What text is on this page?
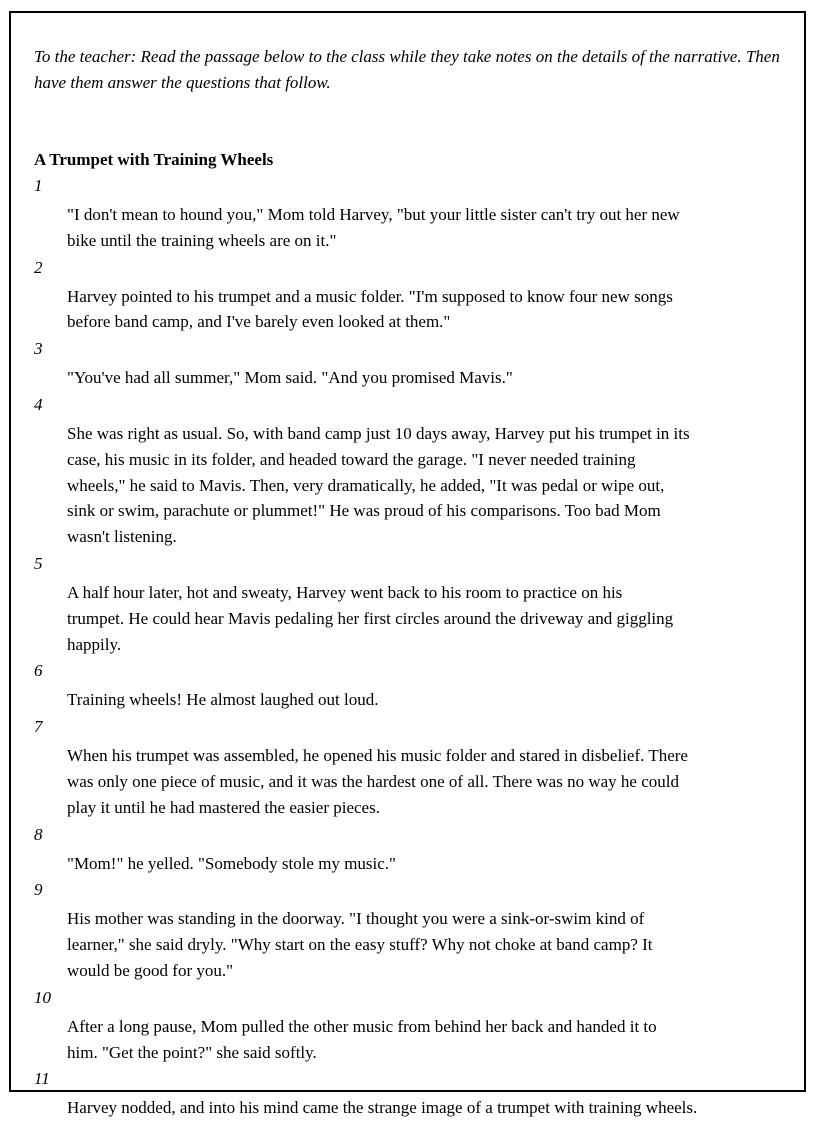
To the teacher: Read the passage below to the class while they take notes on the details of the narrative. Then have them answer the questions that follow.

A Trumpet with Training Wheels

1
"I don't mean to hound you," Mom told Harvey, "but your little sister can't try out her new
bike until the training wheels are on it."
2
Harvey pointed to his trumpet and a music folder. "I'm supposed to know four new songs
before band camp, and I've barely even looked at them."
3
"You've had all summer," Mom said. "And you promised Mavis."
4
She was right as usual. So, with band camp just 10 days away, Harvey put his trumpet in its
case, his music in its folder, and headed toward the garage. "I never needed training
wheels," he said to Mavis. Then, very dramatically, he added, "It was pedal or wipe out,
sink or swim, parachute or plummet!" He was proud of his comparisons. Too bad Mom
wasn't listening.
5
A half hour later, hot and sweaty, Harvey went back to his room to practice on his
trumpet. He could hear Mavis pedaling her first circles around the driveway and giggling
happily.
6
Training wheels! He almost laughed out loud.
7
When his trumpet was assembled, he opened his music folder and stared in disbelief. There
was only one piece of music, and it was the hardest one of all. There was no way he could
play it until he had mastered the easier pieces.
8
"Mom!" he yelled. "Somebody stole my music."
9
His mother was standing in the doorway. "I thought you were a sink-or-swim kind of
learner," she said dryly. "Why start on the easy stuff? Why not choke at band camp? It
would be good for you."
10
After a long pause, Mom pulled the other music from behind her back and handed it to
him. "Get the point?" she said softly.
11
Harvey nodded, and into his mind came the strange image of a trumpet with training wheels.
